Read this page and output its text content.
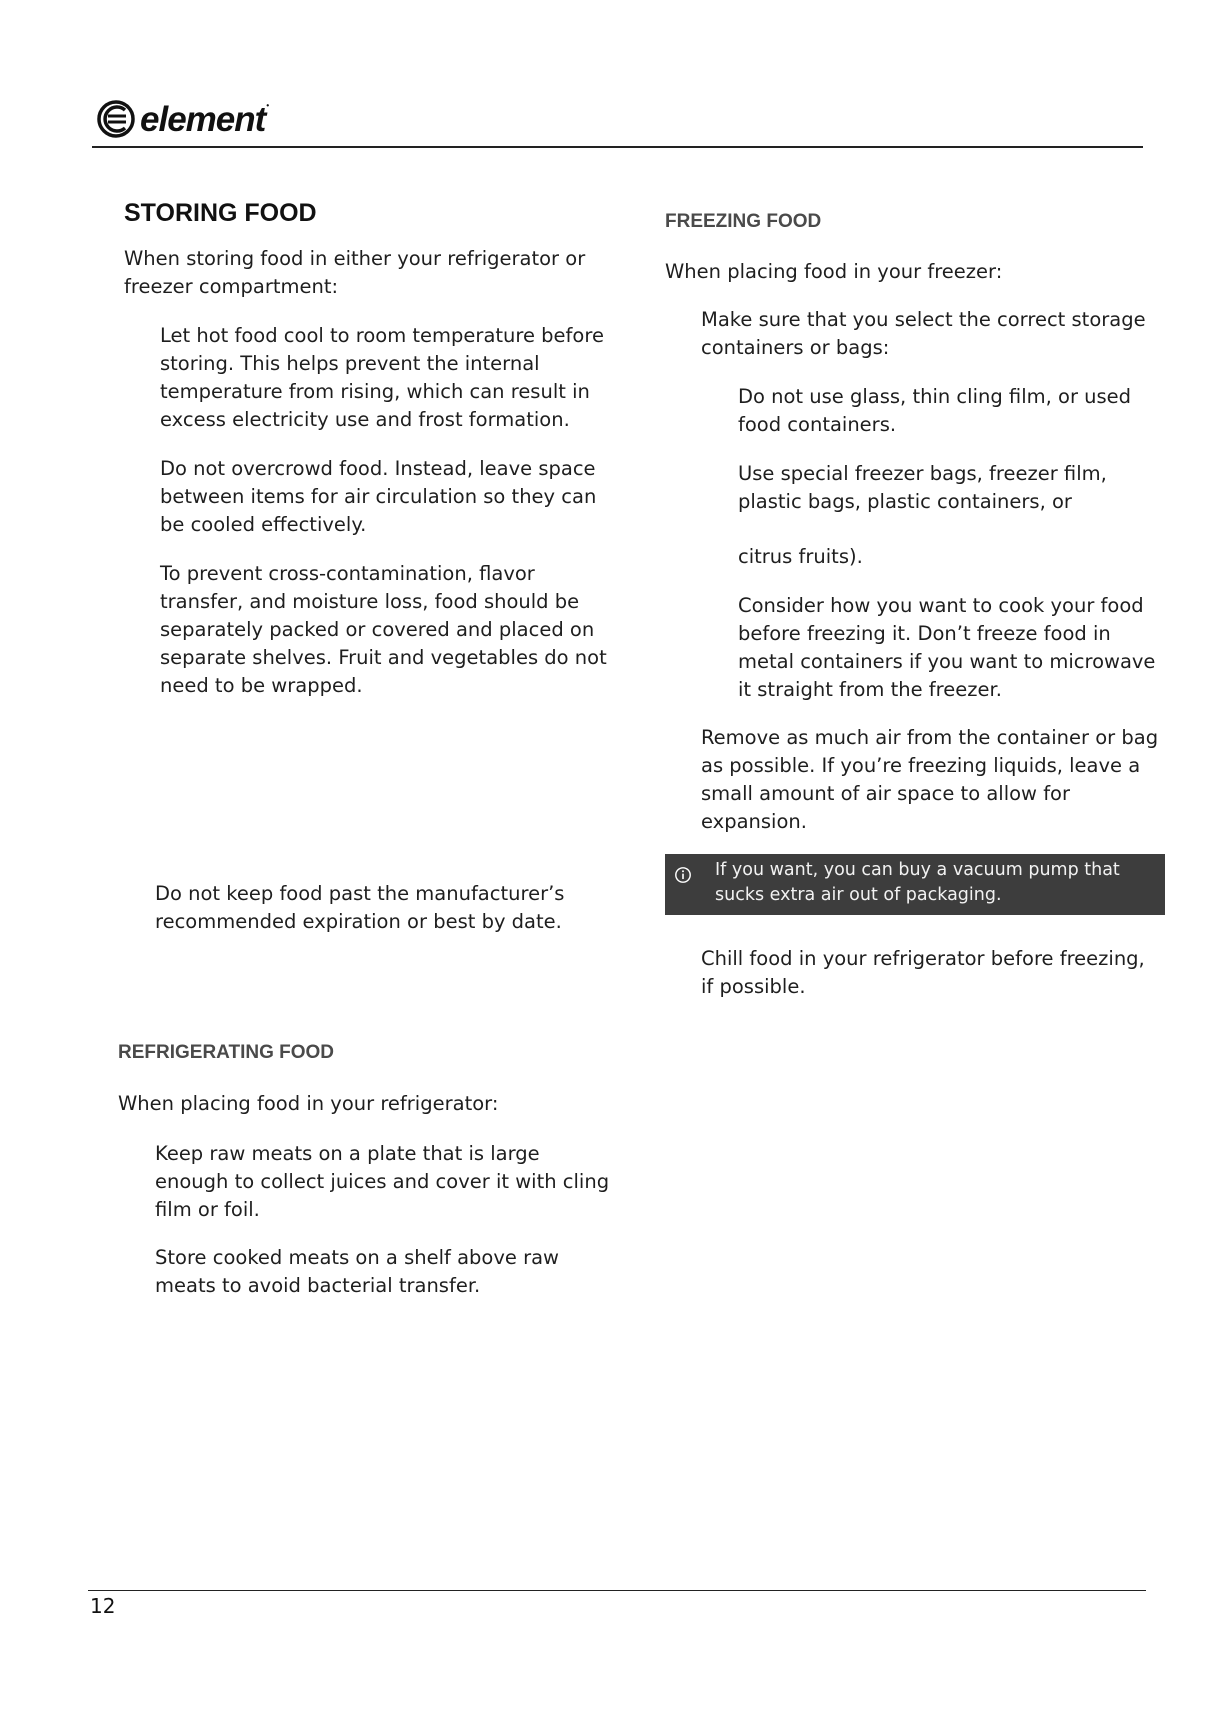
element•
STORING FOOD

When storing food in either your refrigerator or freezer compartment:

Let hot food cool to room temperature before storing. This helps prevent the internal temperature from rising, which can result in excess electricity use and frost formation.

Do not overcrowd food. Instead, leave space between items for air circulation so they can be cooled effectively.

To prevent cross-contamination, flavor transfer, and moisture loss, food should be separately packed or covered and placed on separate shelves. Fruit and vegetables do not need to be wrapped.

Do not keep food past the manufacturer’s recommended expiration or best by date.

REFRIGERATING FOOD

When placing food in your refrigerator:

Keep raw meats on a plate that is large enough to collect juices and cover it with cling film or foil.

Store cooked meats on a shelf above raw meats to avoid bacterial transfer.

FREEZING FOOD

When placing food in your freezer:

Make sure that you select the correct storage containers or bags:

Do not use glass, thin cling film, or used food containers.

Use special freezer bags, freezer film, plastic bags, plastic containers, or

citrus fruits).

Consider how you want to cook your food before freezing it. Don’t freeze food in metal containers if you want to microwave it straight from the freezer.

Remove as much air from the container or bag as possible. If you’re freezing liquids, leave a small amount of air space to allow for expansion.

If you want, you can buy a vacuum pump that sucks extra air out of packaging.

Chill food in your refrigerator before freezing, if possible.

12
